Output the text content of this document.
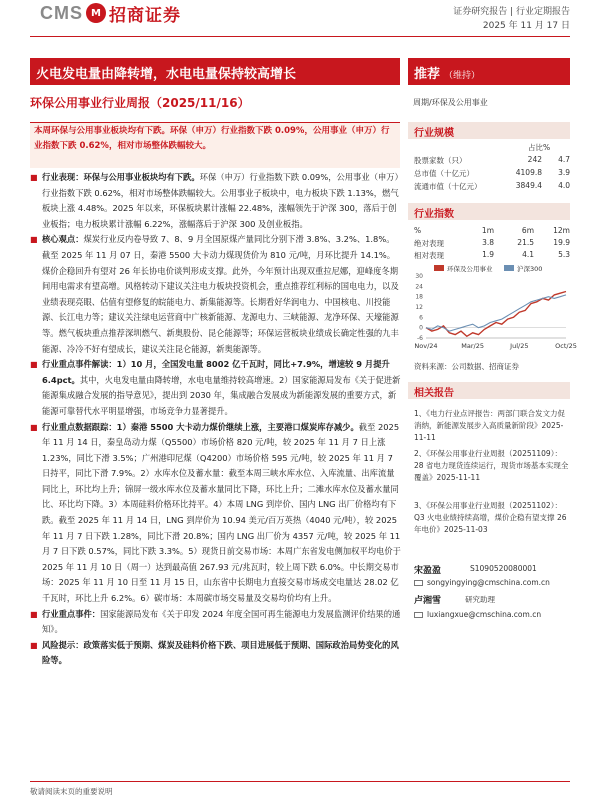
CMS M 招商证券	证券研究报告 | 行业定期报告
2025 年 11 月 17 日
火电发电量由降转增，水电电量保持较高增长	推荐 （维持）
环保公用事业行业周报（2025/11/16）	周期/环保及公用事业
本周环保与公用事业板块均有下跌。环保（申万）行业指数下跌 0.09%，公用事业（申万）行业指数下跌 0.62%，相对市场整体跌幅较大。
■ 行业表现：环保与公用事业板块均有下跌。环保（申万）行业指数下跌 0.09%，公用事业（申万）行业指数下跌 0.62%，相对市场整体跌幅较大。公用事业子板块中，电力板块下跌 1.13%，燃气板块上涨 4.48%。2025 年以来，环保板块累计涨幅 22.48%，涨幅领先于沪深 300，落后于创业板指；电力板块累计涨幅 6.22%，涨幅落后于沪深 300 及创业板指。
■ 核心观点：煤炭行业反内卷导致 7、8、9 月全国原煤产量同比分别下滑 3.8%、3.2%、1.8%。截至 2025 年 11 月 07 日，秦港 5500 大卡动力煤现货价为 810 元/吨，月环比提升 14.1%。煤价企稳回升有望对 26 年长协电价谈判形成支撑。此外，今年预计出现双重拉尼娜，迎峰度冬期间用电需求有望高增。风格转动下建议关注电力板块投资机会，重点推荐红利标的国电电力，以及业绩表现亮眼、估值有望修复的皖能电力、新集能源等。长期看好华润电力、中国核电、川投能源、长江电力等；建议关注绿电运营商中广核新能源、龙源电力、三峡能源、龙净环保、天壕能源等。燃气板块重点推荐深圳燃气、新奥股份、昆仑能源等；环保运营板块业绩成长确定性强的九丰能源、冷冷不好有望成长，建议关注昆仑能源，新奥能源等。
■ 行业重点事件解读：1）10 月，全国发电量 8002 亿千瓦时，同比+7.9%，增速较 9 月提升 6.4pct。其中，火电发电量由降转增，水电电量维持较高增速。2）国家能源局发布《关于促进新能源集成融合发展的指导意见》，提出到 2030 年，集成融合发展成为新能源发展的重要方式，新能源可靠替代水平明显增强，市场竞争力显著提升。
■ 行业重点数据跟踪：1）秦港 5500 大卡动力煤价继续上涨，主要港口煤炭库存减少。截至 2025 年 11 月 14 日，秦皇岛动力煤（Q5500）市场价格 820 元/吨，较 2025 年 11 月 7 日上涨 1.23%，同比下滑 3.5%；广州港印尼煤（Q4200）市场价格 595 元/吨，较 2025 年 11 月 7 日持平，同比下滑 7.9%。2）水库水位及蓄水量：截至本周三峡水库水位、入库流量、出库流量同比上，环比均上升；锦屏一级水库水位及蓄水量同比下降，环比上升；二滩水库水位及蓄水量同比、环比均下降。3）本周硅料价格环比持平。4）本周 LNG 到岸价、国内 LNG 出厂价格均有下跌。截至 2025 年 11 月 14 日，LNG 到岸价为 10.94 美元/百万英热（4040 元/吨），较 2025 年 11 月 7 日下跌 1.28%，同比下滑 20.8%；国内 LNG 出厂价为 4357 元/吨，较 2025 年 11 月 7 日下跌 0.57%，同比下跌 3.3%。5）现货日前交易市场：本周广东省发电侧加权平均电价于 2025 年 11 月 10 日（周一）达到最高值 267.93 元/兆瓦时，较上周下跌 6.0%。中长期交易市场：2025 年 11 月 10 日至 11 月 15 日，山东省中长期电力直接交易市场成交电量达 28.02 亿千瓦时，环比上升 6.2%。6）碳市场：本周碳市场交易量及交易均价均有上升。
■ 行业重点事件：国家能源局发布《关于印发 2024 年度全国可再生能源电力发展监测评价结果的通知》。
■ 风险提示：政策落实低于预期、煤炭及硅料价格下跌、项目进展低于预期、国际政治局势变化的风险等。
行业规模
占比%
股票家数（只）	242	4.7
总市值（十亿元）	4109.8	3.9
流通市值（十亿元）	3849.4	4.0
行业指数
%	1m	6m	12m
绝对表现	3.8	21.5	19.9
相对表现	1.9	4.1	5.3
环保及公用事业	沪深300
30
24
18
12
6
0
-6
Nov/24	Mar/25	Jul/25	Oct/25
资料来源：公司数据、招商证券
相关报告
1、《电力行业点评报告：两部门联合发文力促消纳，新能源发展步入高质量新阶段》2025-11-11
2、《环保公用事业行业周报（20251109）：28 省电力现货连续运行，现货市场基本实现全覆盖》2025-11-11
3、《环保公用事业行业周报（20251102）：Q3 火电业绩持续高增，煤价企稳有望支撑 26 年电价》2025-11-03
宋盈盈	S1090520080001
songyingying@cmschina.com.cn
卢湘雪	研究助理
luxiangxue@cmschina.com.cn
敬请阅读末页的重要说明
